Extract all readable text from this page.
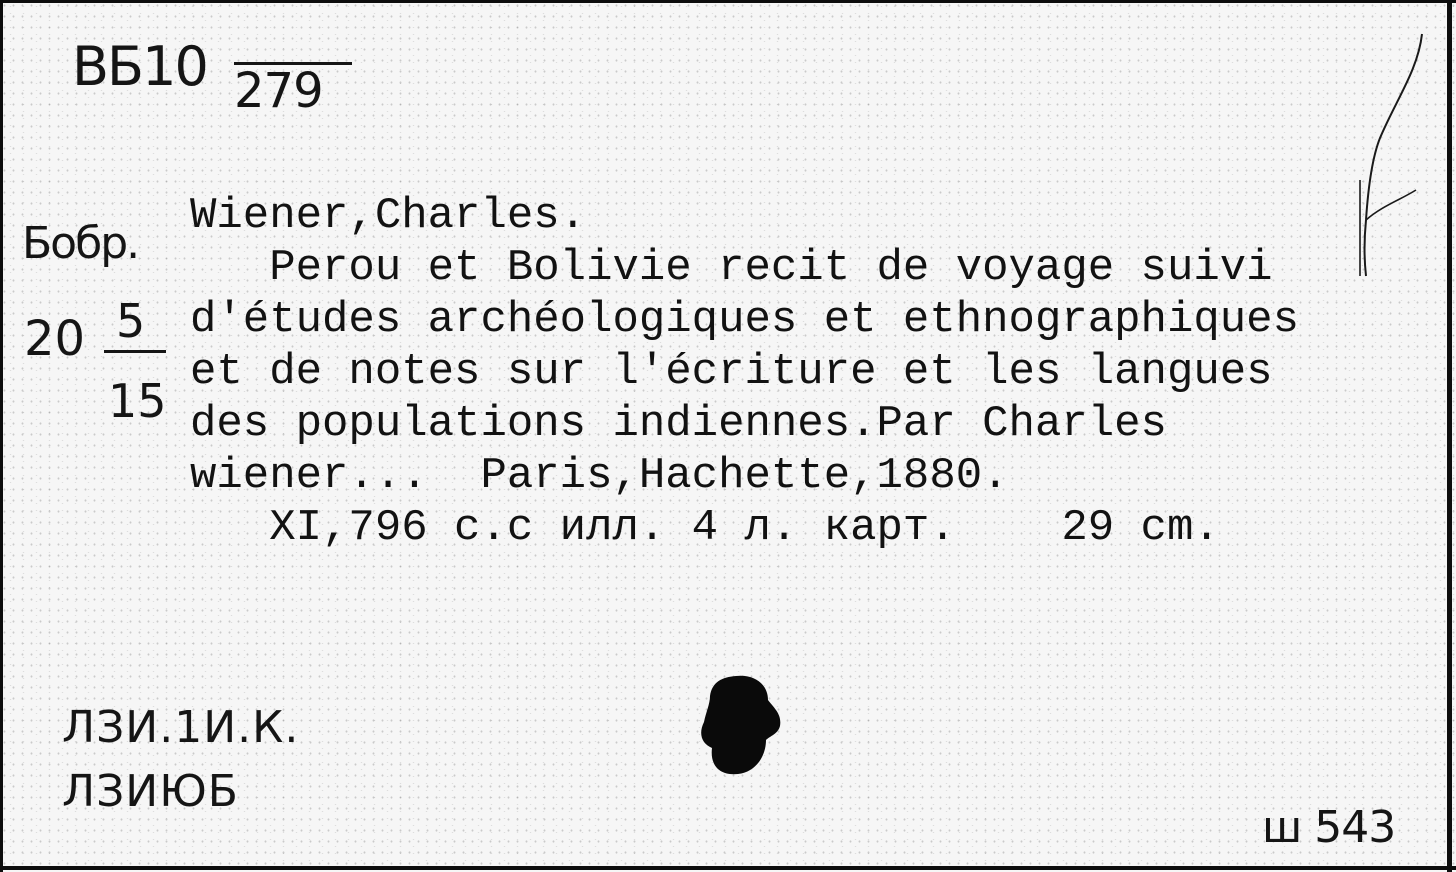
ВБ10 279
Бобр.
20 5
15
Wiener,Charles.
Perou et Bolivie recit de voyage suivi
d'études archéologiques et ethnographiques
et de notes sur l'écriture et les langues
des populations indiennes.Par Charles
wiener...  Paris,Hachette,1880.
XI,796 с.с илл. 4 л. карт.    29 cm.
ЛЗИ.1И.К.
ЛЗИЮБ
ш 543
